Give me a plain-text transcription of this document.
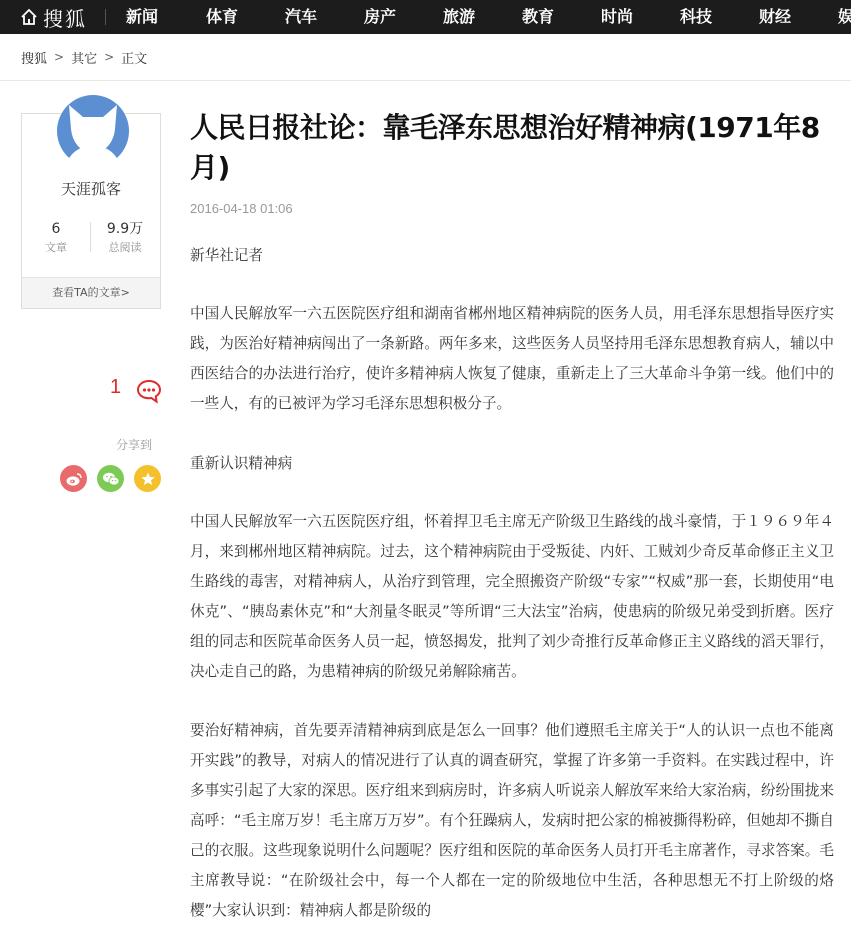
搜狐 新闻	体育	汽车	房产	旅游	教育	时尚	科技	财经	娱
搜狐 > 其它 > 正文
天涯孤客
6
文章
9.9万
总阅读
查看TA的文章>
1
分享到
人民日报社论：靠毛泽东思想治好精神病(1971年8月)
2016-04-18 01:06

新华社记者

中国人民解放军一六五医院医疗组和湖南省郴州地区精神病院的医务人员，用毛泽东思想指导医疗实践，为医治好精神病闯出了一条新路。两年多来，这些医务人员坚持用毛泽东思想教育病人，辅以中西医结合的办法进行治疗，使许多精神病人恢复了健康，重新走上了三大革命斗争第一线。他们中的一些人，有的已被评为学习毛泽东思想积极分子。

重新认识精神病

中国人民解放军一六五医院医疗组，怀着捍卫毛主席无产阶级卫生路线的战斗豪情，于１９６９年４月，来到郴州地区精神病院。过去，这个精神病院由于受叛徒、内奸、工贼刘少奇反革命修正主义卫生路线的毒害，对精神病人，从治疗到管理，完全照搬资产阶级“专家”“权威”那一套，长期使用“电休克”、“胰岛素休克”和“大剂量冬眠灵”等所谓“三大法宝”治病，使患病的阶级兄弟受到折磨。医疗组的同志和医院革命医务人员一起，愤怒揭发，批判了刘少奇推行反革命修正主义路线的滔天罪行，决心走自己的路，为患精神病的阶级兄弟解除痛苦。

要治好精神病，首先要弄清精神病到底是怎么一回事？他们遵照毛主席关于“人的认识一点也不能离开实践”的教导，对病人的情况进行了认真的调查研究，掌握了许多第一手资料。在实践过程中，许多事实引起了大家的深思。医疗组来到病房时，许多病人听说亲人解放军来给大家治病，纷纷围拢来高呼：“毛主席万岁！毛主席万万岁”。有个狂躁病人，发病时把公家的棉被撕得粉碎，但她却不撕自己的衣服。这些现象说明什么问题呢？医疗组和医院的革命医务人员打开毛主席著作，寻求答案。毛主席教导说：“在阶级社会中，每一个人都在一定的阶级地位中生活，各种思想无不打上阶级的烙樱”大家认识到：精神病人都是阶级的
